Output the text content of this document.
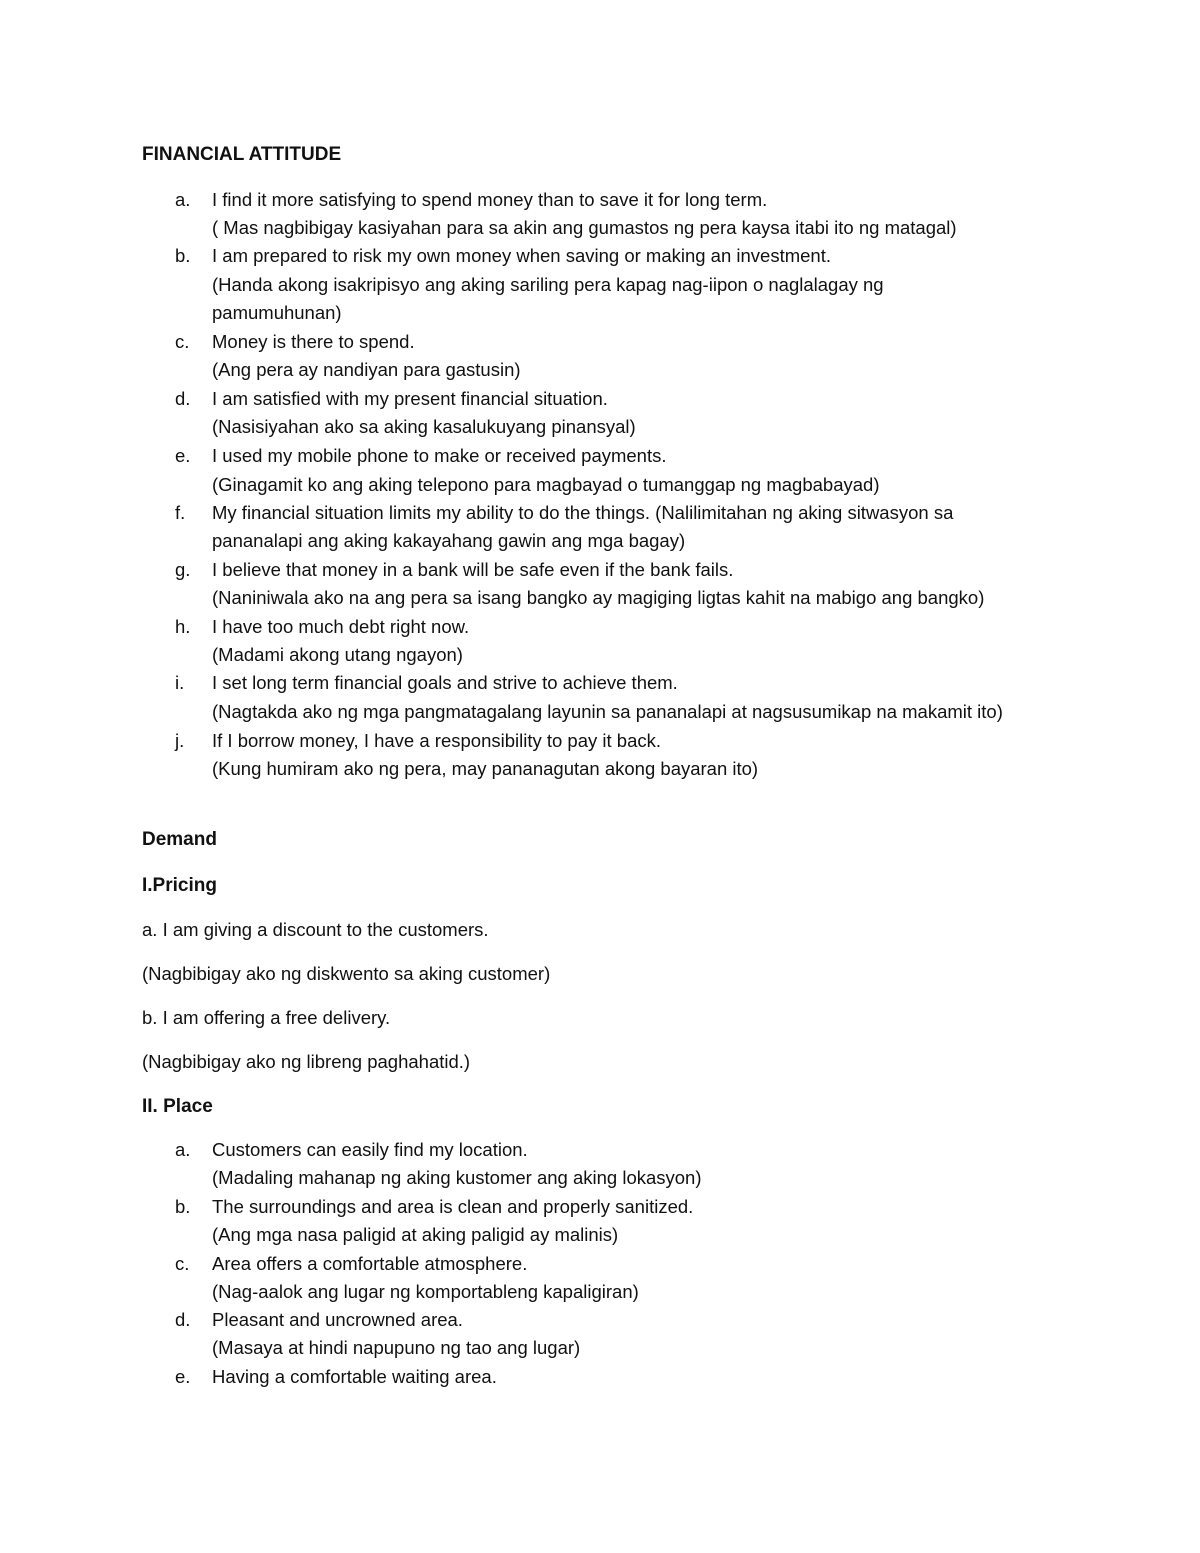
FINANCIAL ATTITUDE
a. I find it more satisfying to spend money than to save it for long term.
( Mas nagbibigay kasiyahan para sa akin ang gumastos ng pera kaysa itabi ito ng matagal)
b. I am prepared to risk my own money when saving or making an investment.
(Handa akong isakripisyo ang aking sariling pera kapag nag-iipon o naglalagay ng
pamumuhunan)
c. Money is there to spend.
(Ang pera ay nandiyan para gastusin)
d. I am satisfied with my present financial situation.
(Nasisiyahan ako sa aking kasalukuyang pinansyal)
e. I used my mobile phone to make or received payments.
(Ginagamit ko ang aking telepono para magbayad o tumanggap ng magbabayad)
f. My financial situation limits my ability to do the things. (Nalilimitahan ng aking sitwasyon sa
pananalapi ang aking kakayahang gawin ang mga bagay)
g. I believe that money in a bank will be safe even if the bank fails.
(Naniniwala ako na ang pera sa isang bangko ay magiging ligtas kahit na mabigo ang bangko)
h. I have too much debt right now.
(Madami akong utang ngayon)
i. I set long term financial goals and strive to achieve them.
(Nagtakda ako ng mga pangmatagalang layunin sa pananalapi at nagsusumikap na makamit ito)
j. If I borrow money, I have a responsibility to pay it back.
(Kung humiram ako ng pera, may pananagutan akong bayaran ito)
Demand
I.Pricing
a. I am giving a discount to the customers.
(Nagbibigay ako ng diskwento sa aking customer)
b. I am offering a free delivery.
(Nagbibigay ako ng libreng paghahatid.)
II. Place
a. Customers can easily find my location.
(Madaling mahanap ng aking kustomer ang aking lokasyon)
b. The surroundings and area is clean and properly sanitized.
(Ang mga nasa paligid at aking paligid ay malinis)
c. Area offers a comfortable atmosphere.
(Nag-aalok ang lugar ng komportableng kapaligiran)
d. Pleasant and uncrowned area.
(Masaya at hindi napupuno ng tao ang lugar)
e. Having a comfortable waiting area.
